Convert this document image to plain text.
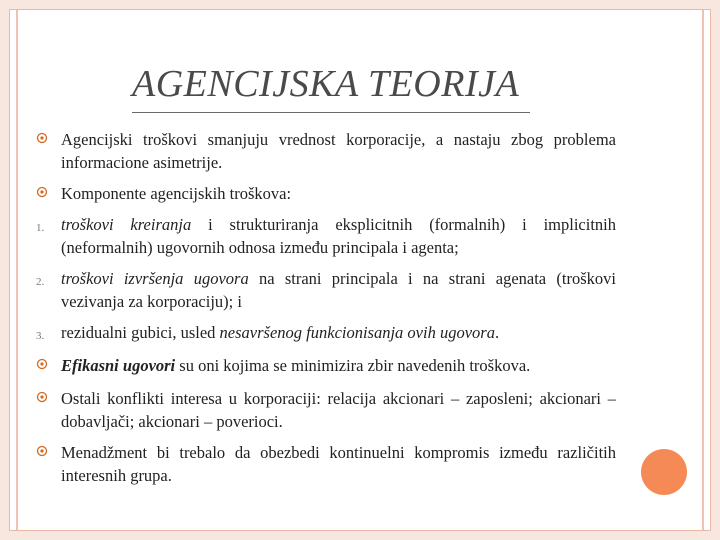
AGENCIJSKA TEORIJA
Agencijski troškovi smanjuju vrednost korporacije, a nastaju zbog problema informacione asimetrije.
Komponente agencijskih troškova:
1.	troškovi kreiranja i strukturiranja eksplicitnih (formalnih) i implicitnih (neformalnih) ugovornih odnosa između principala i agenta;
2.	troškovi izvršenja ugovora na strani principala i na strani agenata (troškovi vezivanja za korporaciju); i
3.	rezidualni gubici, usled nesavršenog funkcionisanja ovih ugovora.
Efikasni ugovori su oni kojima se minimizira zbir navedenih troškova.
Ostali konflikti interesa u korporaciji: relacija akcionari – zaposleni; akcionari – dobavljači; akcionari – poverioci.
Menadžment bi trebalo da obezbedi kontinuelni kompromis između različitih interesnih grupa.
